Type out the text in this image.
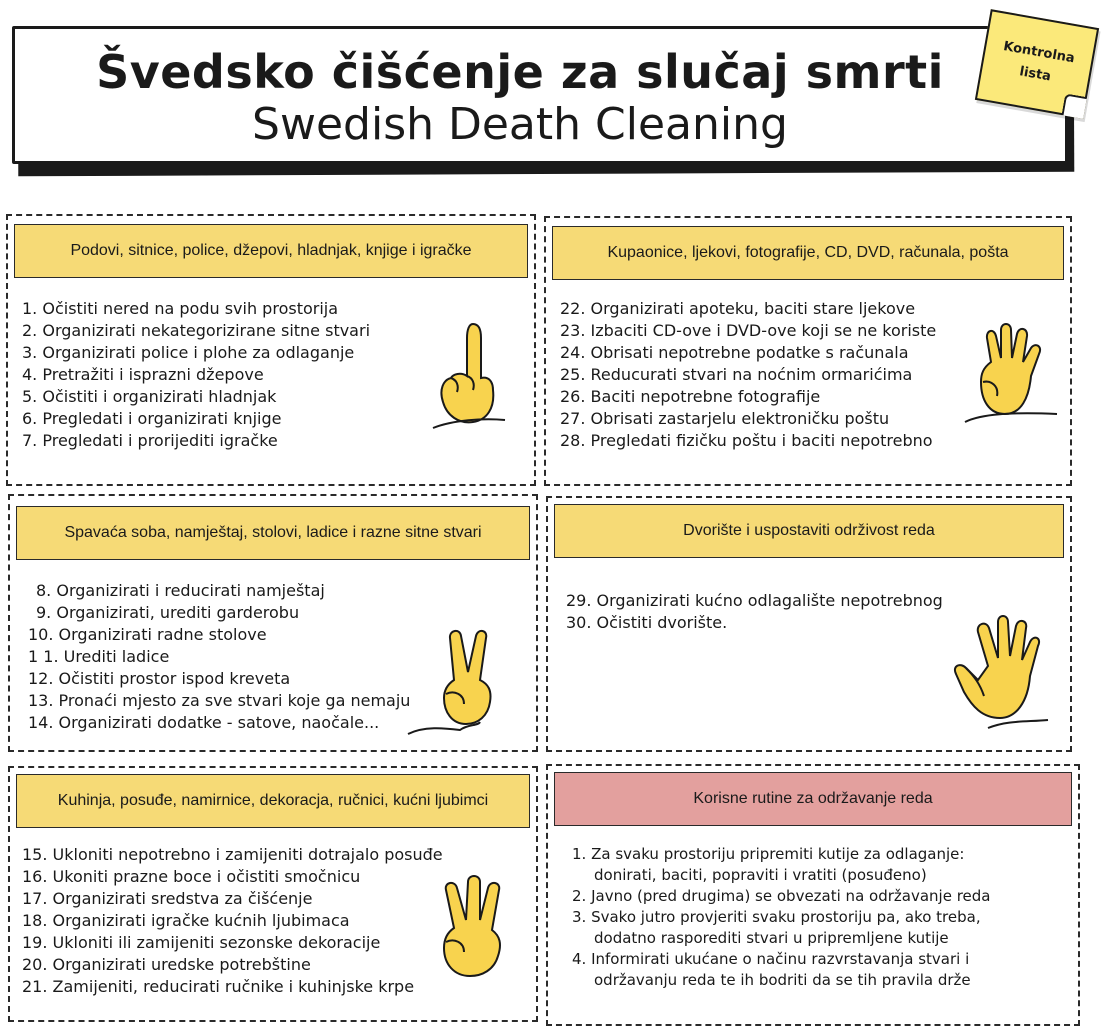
Švedsko čišćenje za slučaj smrti
Swedish Death Cleaning
Kontrolna
lista
Podovi, sitnice, police, džepovi, hladnjak, knjige i igračke
1. Očistiti nered na podu svih prostorija
2. Organizirati nekategorizirane sitne stvari
3. Organizirati police i plohe za odlaganje
4. Pretražiti i isprazni džepove
5. Očistiti i organizirati hladnjak
6. Pregledati i organizirati knjige
7. Pregledati i prorijediti igračke
Kupaonice, ljekovi, fotografije, CD, DVD, računala, pošta
22. Organizirati apoteku, baciti stare ljekove
23. Izbaciti CD-ove i DVD-ove koji se ne koriste
24. Obrisati nepotrebne podatke s računala
25. Reducurati stvari na noćnim ormarićima
26. Baciti nepotrebne fotografije
27. Obrisati zastarjelu elektroničku poštu
28. Pregledati fizičku poštu i baciti nepotrebno
Spavaća soba, namještaj, stolovi, ladice i razne sitne stvari
8. Organizirati i reducirati namještaj
9. Organizirati, urediti garderobu
10. Organizirati radne stolove
1 1. Urediti ladice
12. Očistiti prostor ispod kreveta
13. Pronaći mjesto za sve stvari koje ga nemaju
14. Organizirati dodatke - satove, naočale...
Dvorište i uspostaviti održivost reda
29. Organizirati kućno odlagalište nepotrebnog
30. Očistiti dvorište.
Kuhinja, posuđe, namirnice, dekoracja, ručnici, kućni ljubimci
15. Ukloniti nepotrebno i zamijeniti dotrajalo posuđe
16. Ukoniti prazne boce i očistiti smočnicu
17. Organizirati sredstva za čišćenje
18. Organizirati igračke kućnih ljubimaca
19. Ukloniti ili zamijeniti sezonske dekoracije
20. Organizirati uredske potrebštine
21. Zamijeniti, reducirati ručnike i kuhinjske krpe
Korisne rutine za održavanje reda
1. Za svaku prostoriju pripremiti kutije za odlaganje:
donirati, baciti, popraviti i vratiti (posuđeno)
2. Javno (pred drugima) se obvezati na održavanje reda
3. Svako jutro provjeriti svaku prostoriju pa, ako treba,
dodatno rasporediti stvari u pripremljene kutije
4. Informirati ukućane o načinu razvrstavanja stvari i
održavanju reda te ih bodriti da se tih pravila drže
